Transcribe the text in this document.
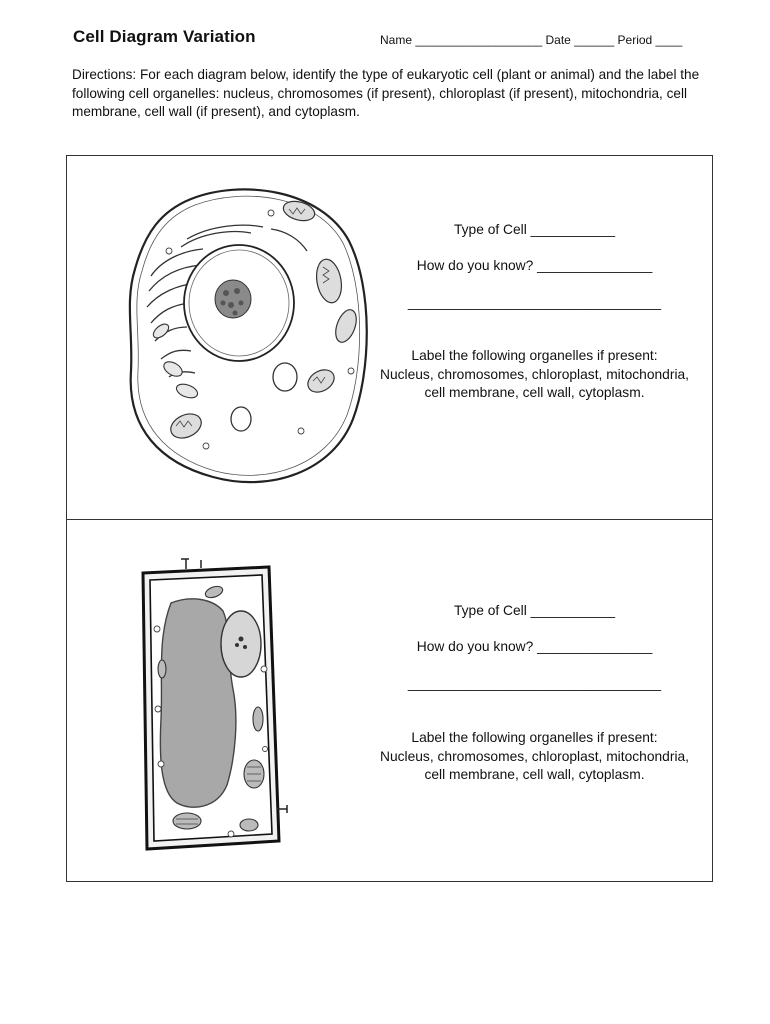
Cell Diagram Variation	Name ___________________ Date ______ Period ____
Directions: For each diagram below, identify the type of eukaryotic cell (plant or animal) and the label the following cell organelles: nucleus, chromosomes (if present), chloroplast (if present), mitochondria, cell membrane, cell wall (if present), and cytoplasm.
Type of Cell ___________
How do you know? _______________
_________________________________
Label the following organelles if present:
Nucleus, chromosomes, chloroplast, mitochondria,
cell membrane, cell wall, cytoplasm.
Type of Cell ___________
How do you know? _______________
_________________________________
Label the following organelles if present:
Nucleus, chromosomes, chloroplast, mitochondria,
cell membrane, cell wall, cytoplasm.
